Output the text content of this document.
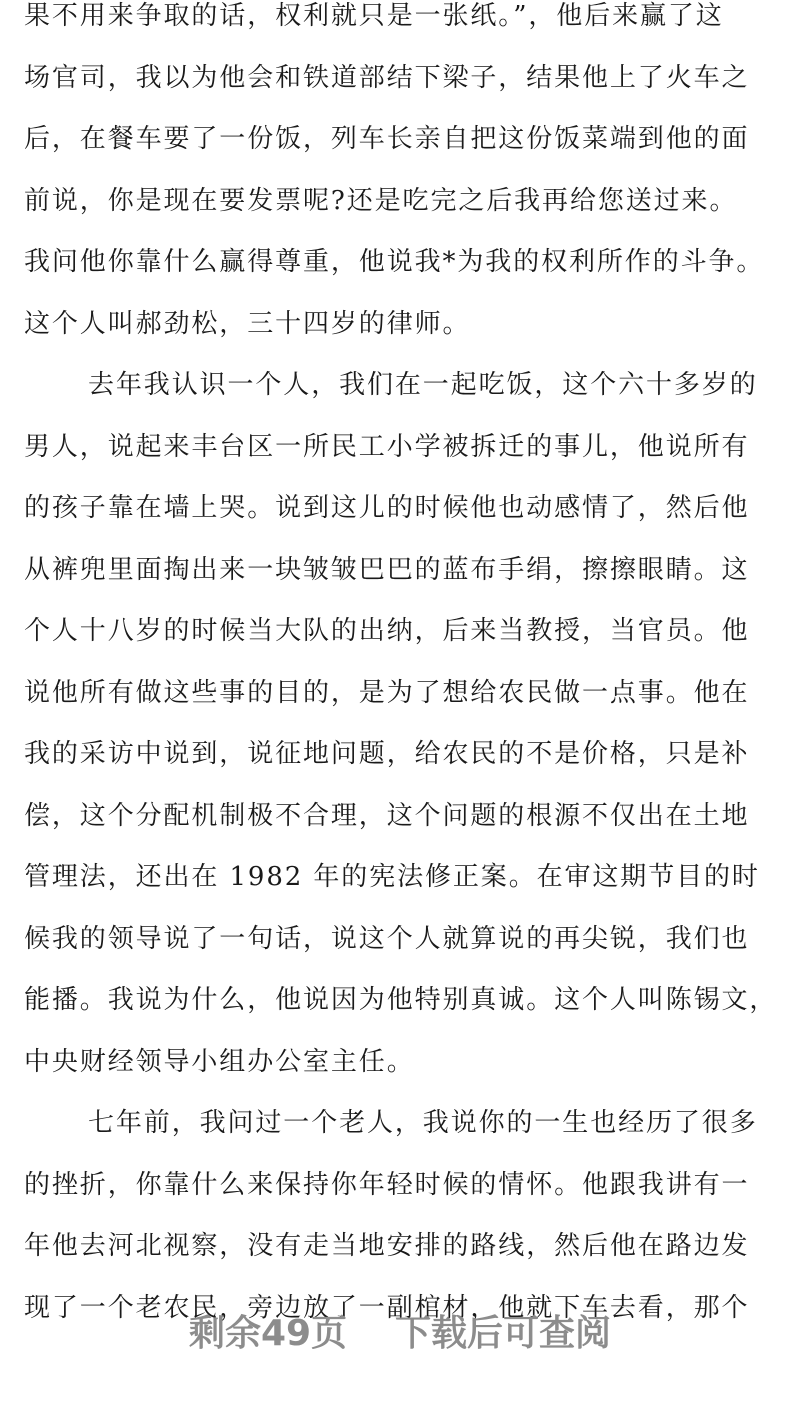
果不用来争取的话，权利就只是一张纸。”，他后来赢了这
场官司，我以为他会和铁道部结下梁子，结果他上了火车之
后，在餐车要了一份饭，列车长亲自把这份饭菜端到他的面
前说，你是现在要发票呢?还是吃完之后我再给您送过来。
我问他你靠什么赢得尊重，他说我*为我的权利所作的斗争。
这个人叫郝劲松，三十四岁的律师。
去年我认识一个人，我们在一起吃饭，这个六十多岁的
男人，说起来丰台区一所民工小学被拆迁的事儿，他说所有
的孩子靠在墙上哭。说到这儿的时候他也动感情了，然后他
从裤兜里面掏出来一块皱皱巴巴的蓝布手绢，擦擦眼睛。这
个人十八岁的时候当大队的出纳，后来当教授，当官员。他
说他所有做这些事的目的，是为了想给农民做一点事。他在
我的采访中说到，说征地问题，给农民的不是价格，只是补
偿，这个分配机制极不合理，这个问题的根源不仅出在土地
管理法，还出在 1982 年的宪法修正案。在审这期节目的时
候我的领导说了一句话，说这个人就算说的再尖锐，我们也
能播。我说为什么，他说因为他特别真诚。这个人叫陈锡文，
中央财经领导小组办公室主任。
七年前，我问过一个老人，我说你的一生也经历了很多
的挫折，你靠什么来保持你年轻时候的情怀。他跟我讲有一
年他去河北视察，没有走当地安排的路线，然后他在路边发
现了一个老农民，旁边放了一副棺材，他就下车去看，那个
剩余49页 下载后可查阅
